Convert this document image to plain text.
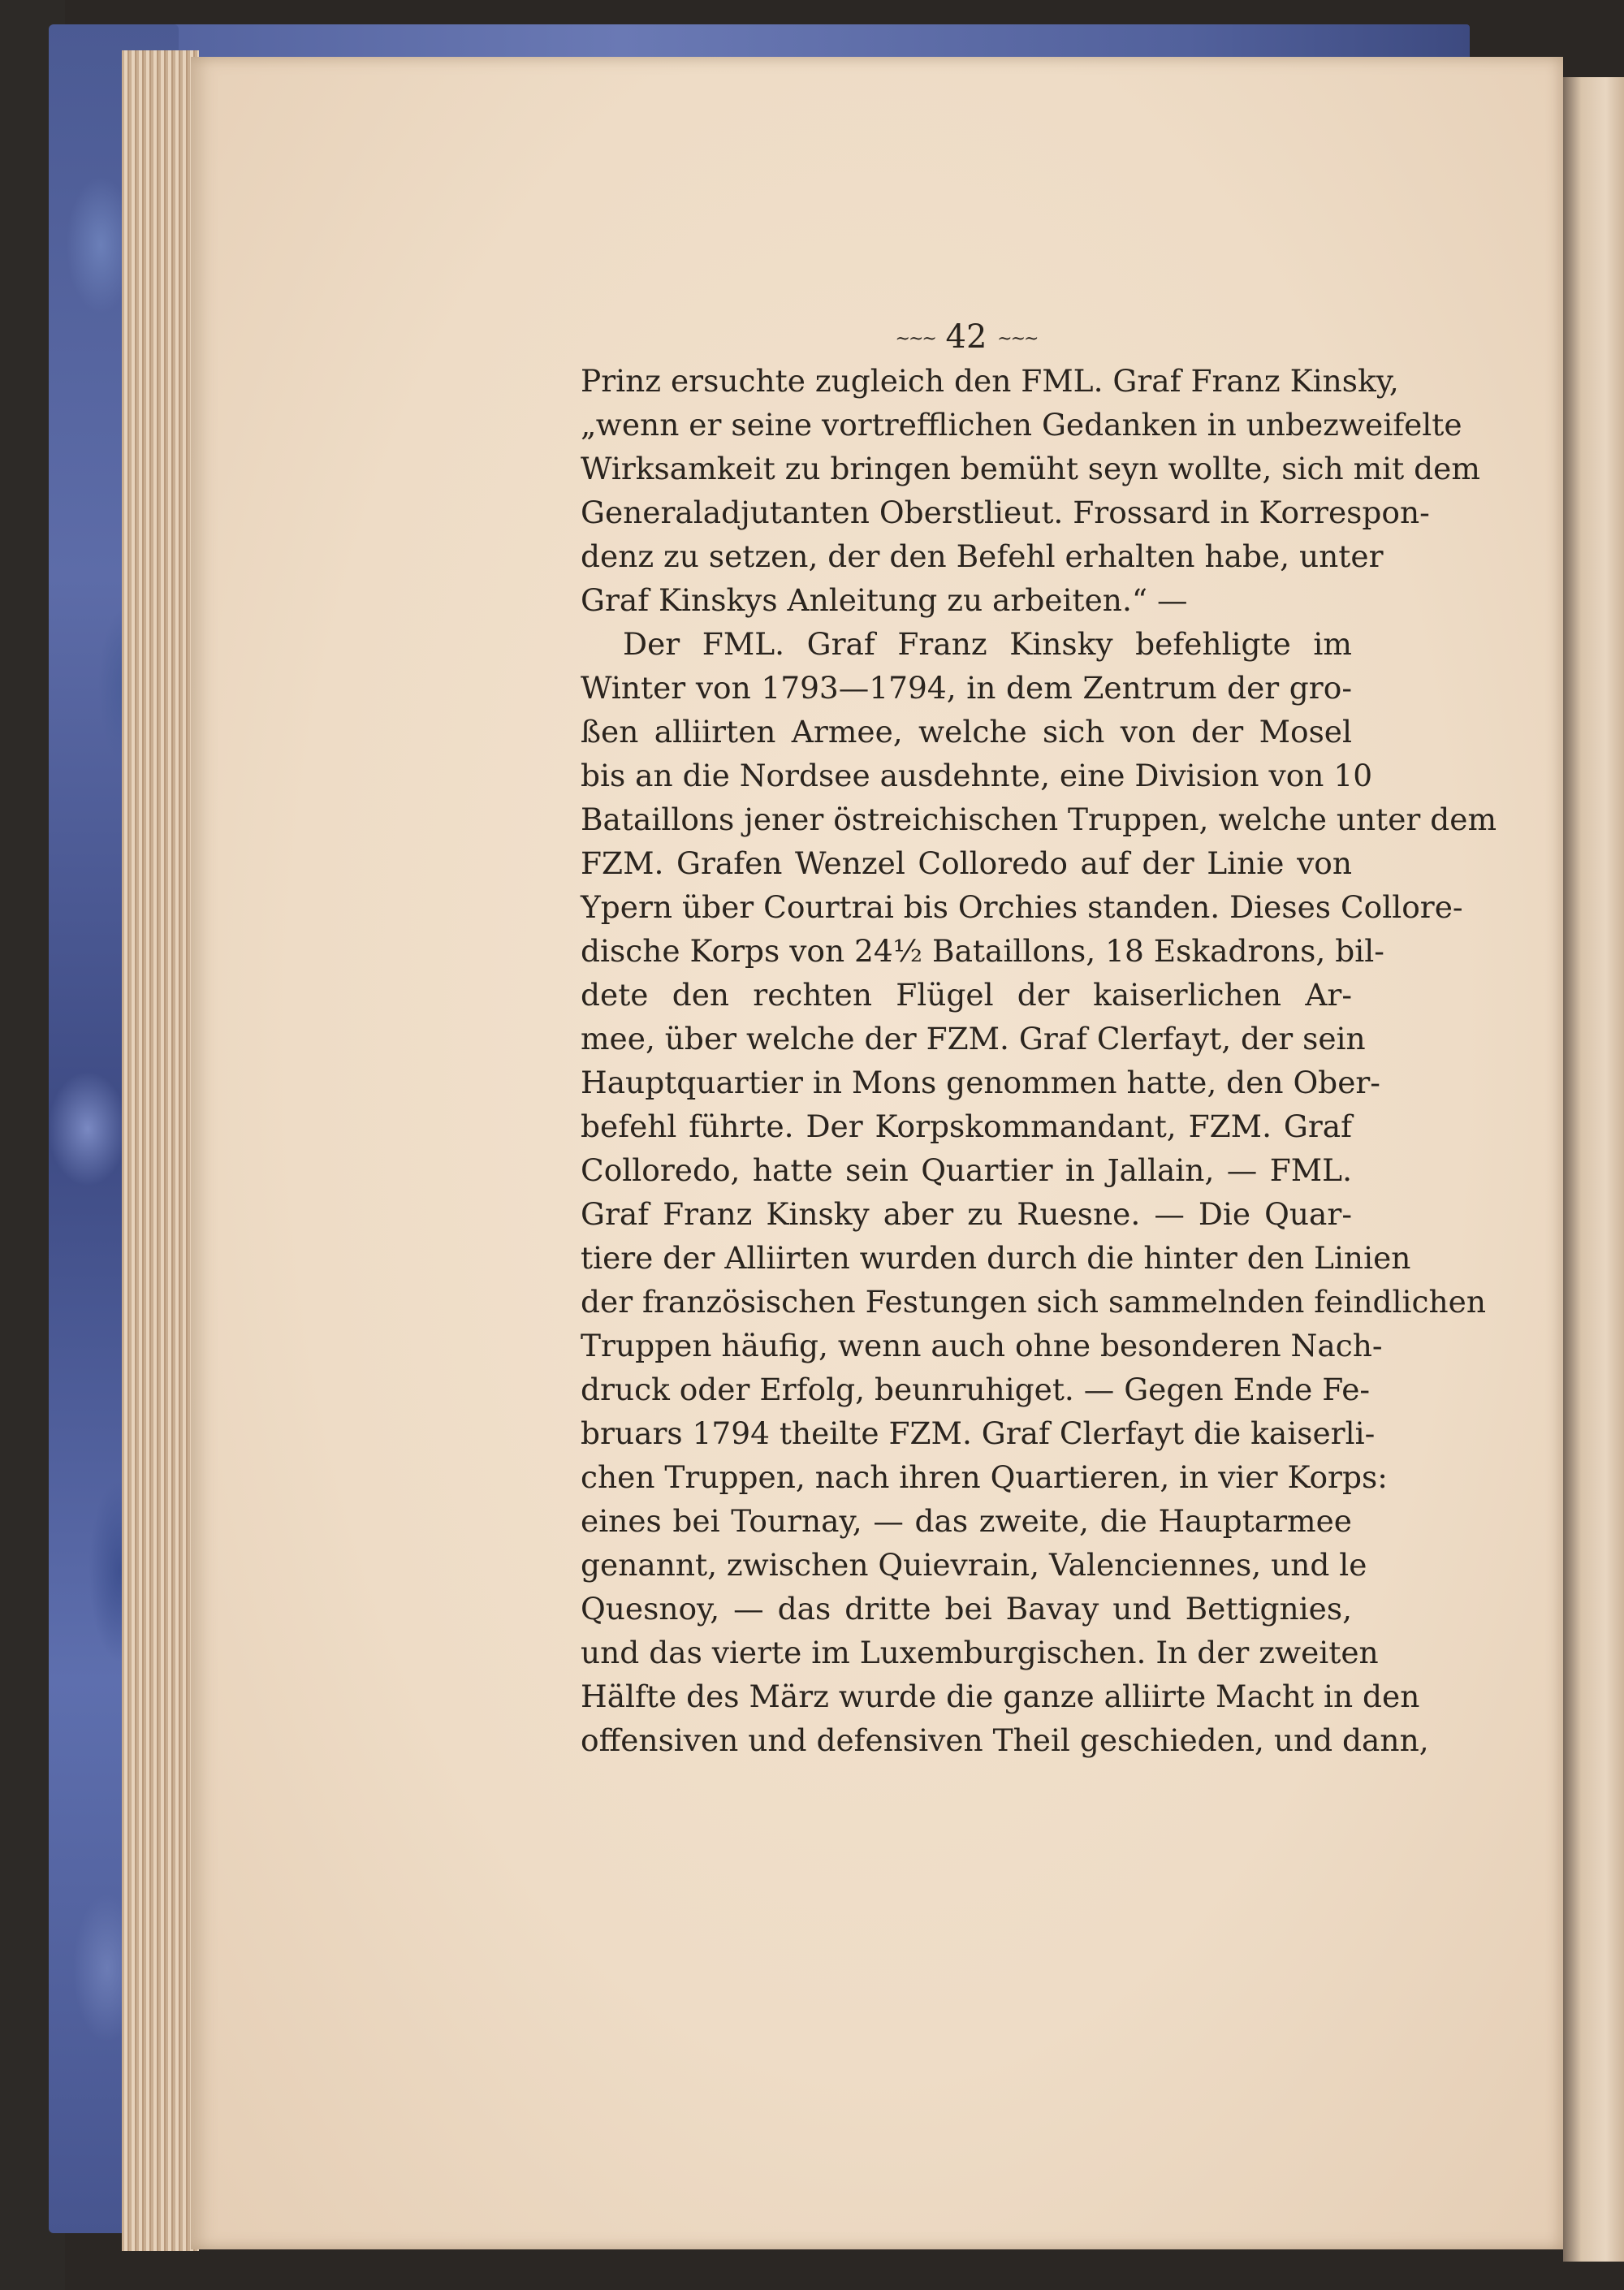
~~~ 42 ~~~
Prinz ersuchte zugleich den FML. Graf Franz Kinsky,
„wenn er seine vortrefflichen Gedanken in unbezweifelte
Wirksamkeit zu bringen bemüht seyn wollte, sich mit dem
Generaladjutanten Oberstlieut. Frossard in Korrespon-
denz zu setzen, der den Befehl erhalten habe, unter
Graf Kinskys Anleitung zu arbeiten.“ —
Der FML. Graf Franz Kinsky befehligte im
Winter von 1793—1794, in dem Zentrum der gro-
ßen alliirten Armee, welche sich von der Mosel
bis an die Nordsee ausdehnte, eine Division von 10
Bataillons jener östreichischen Truppen, welche unter dem
FZM. Grafen Wenzel Colloredo auf der Linie von
Ypern über Courtrai bis Orchies standen. Dieses Collore-
dische Korps von 24½ Bataillons, 18 Eskadrons, bil-
dete den rechten Flügel der kaiserlichen Ar-
mee, über welche der FZM. Graf Clerfayt, der sein
Hauptquartier in Mons genommen hatte, den Ober-
befehl führte. Der Korpskommandant, FZM. Graf
Colloredo, hatte sein Quartier in Jallain, — FML.
Graf Franz Kinsky aber zu Ruesne. — Die Quar-
tiere der Alliirten wurden durch die hinter den Linien
der französischen Festungen sich sammelnden feindlichen
Truppen häufig, wenn auch ohne besonderen Nach-
druck oder Erfolg, beunruhiget. — Gegen Ende Fe-
bruars 1794 theilte FZM. Graf Clerfayt die kaiserli-
chen Truppen, nach ihren Quartieren, in vier Korps:
eines bei Tournay, — das zweite, die Hauptarmee
genannt, zwischen Quievrain, Valenciennes, und le
Quesnoy, — das dritte bei Bavay und Bettignies,
und das vierte im Luxemburgischen. In der zweiten
Hälfte des März wurde die ganze alliirte Macht in den
offensiven und defensiven Theil geschieden, und dann,
